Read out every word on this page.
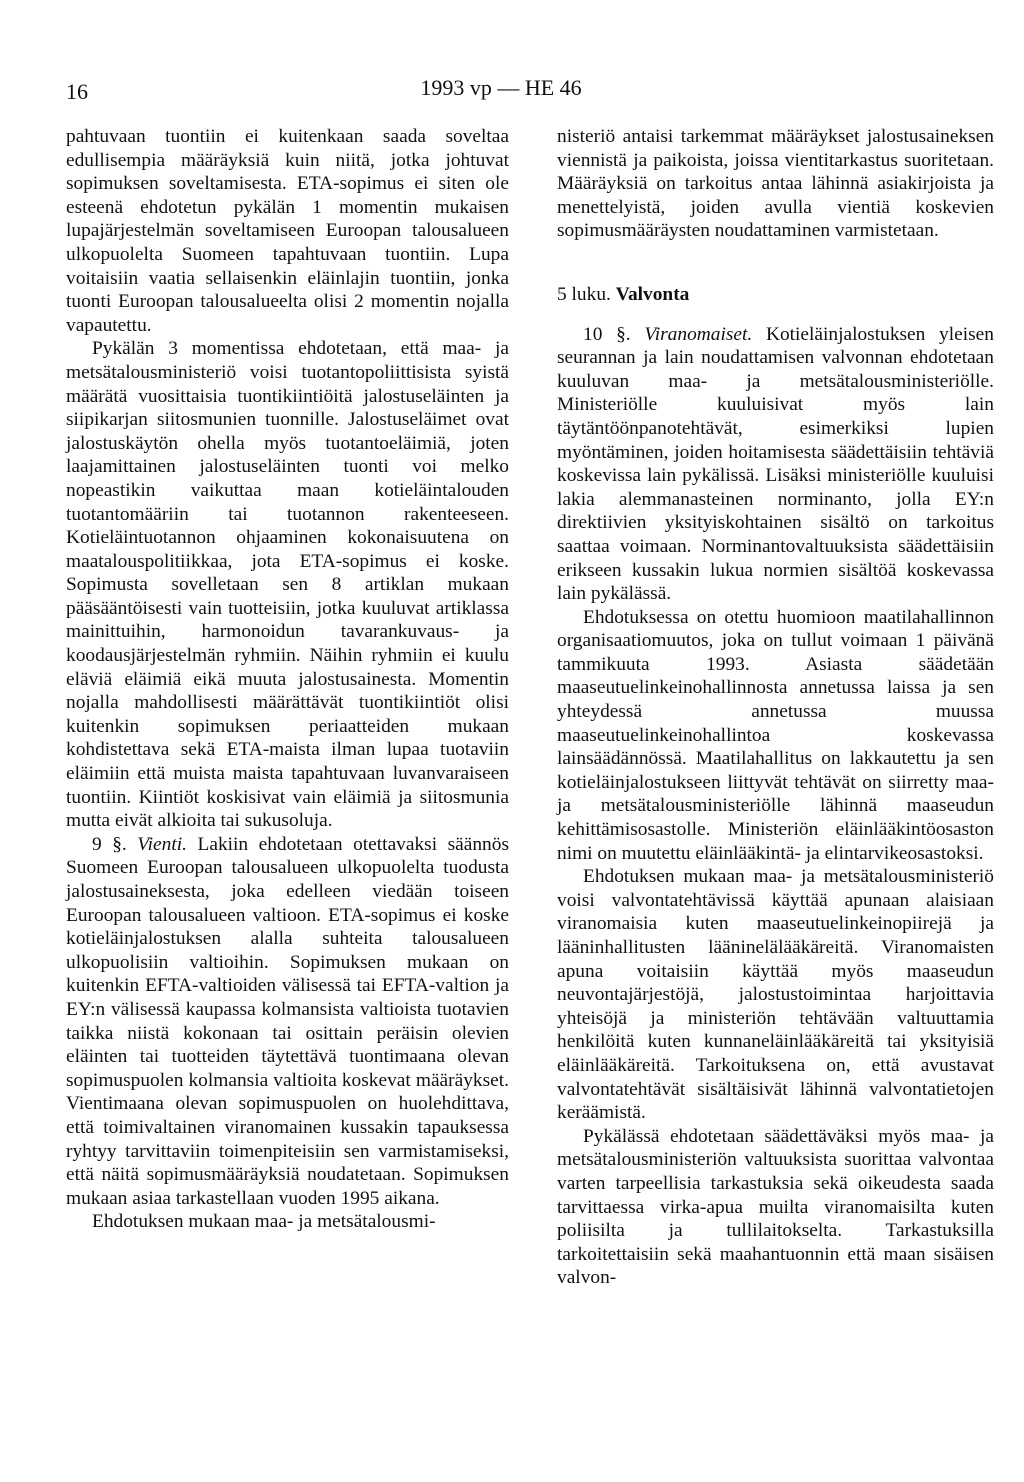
16	1993 vp — HE 46

pahtuvaan tuontiin ei kuitenkaan saada soveltaa edullisempia määräyksiä kuin niitä, jotka johtuvat sopimuksen soveltamisesta. ETA-sopimus ei siten ole esteenä ehdotetun pykälän 1 momentin mukaisen lupajärjestelmän soveltamiseen Euroopan talousalueen ulkopuolelta Suomeen tapahtuvaan tuontiin. Lupa voitaisiin vaatia sellaisenkin eläinlajin tuontiin, jonka tuonti Euroopan talousalueelta olisi 2 momentin nojalla vapautettu.

Pykälän 3 momentissa ehdotetaan, että maa- ja metsätalousministeriö voisi tuotantopoliittisista syistä määrätä vuosittaisia tuontikiintiöitä jalostuseläinten ja siipikarjan siitosmunien tuonnille. Jalostuseläimet ovat jalostuskäytön ohella myös tuotantoeläimiä, joten laajamittainen jalostuseläinten tuonti voi melko nopeastikin vaikuttaa maan kotieläintalouden tuotantomääriin tai tuotannon rakenteeseen. Kotieläintuotannon ohjaaminen kokonaisuutena on maatalouspolitiikkaa, jota ETA-sopimus ei koske. Sopimusta sovelletaan sen 8 artiklan mukaan pääsääntöisesti vain tuotteisiin, jotka kuuluvat artiklassa mainittuihin, harmonoidun tavarankuvaus- ja koodausjärjestelmän ryhmiin. Näihin ryhmiin ei kuulu eläviä eläimiä eikä muuta jalostusainesta. Momentin nojalla mahdollisesti määrättävät tuontikiintiöt olisi kuitenkin sopimuksen periaatteiden mukaan kohdistettava sekä ETA-maista ilman lupaa tuotaviin eläimiin että muista maista tapahtuvaan luvanvaraiseen tuontiin. Kiintiöt koskisivat vain eläimiä ja siitosmunia mutta eivät alkioita tai sukusoluja.

9 §. Vienti. Lakiin ehdotetaan otettavaksi säännös Suomeen Euroopan talousalueen ulkopuolelta tuodusta jalostusaineksesta, joka edelleen viedään toiseen Euroopan talousalueen valtioon. ETA-sopimus ei koske kotieläinjalostuksen alalla suhteita talousalueen ulkopuolisiin valtioihin. Sopimuksen mukaan on kuitenkin EFTA-valtioiden välisessä tai EFTA-valtion ja EY:n välisessä kaupassa kolmansista valtioista tuotavien taikka niistä kokonaan tai osittain peräisin olevien eläinten tai tuotteiden täytettävä tuontimaana olevan sopimuspuolen kolmansia valtioita koskevat määräykset. Vientimaana olevan sopimuspuolen on huolehdittava, että toimivaltainen viranomainen kussakin tapauksessa ryhtyy tarvittaviin toimenpiteisiin sen varmistamiseksi, että näitä sopimusmääräyksiä noudatetaan. Sopimuksen mukaan asiaa tarkastellaan vuoden 1995 aikana.

Ehdotuksen mukaan maa- ja metsätalousmi-

nisteriö antaisi tarkemmat määräykset jalostusaineksen viennistä ja paikoista, joissa vientitarkastus suoritetaan. Määräyksiä on tarkoitus antaa lähinnä asiakirjoista ja menettelyistä, joiden avulla vientiä koskevien sopimusmääräysten noudattaminen varmistetaan.

5 luku. Valvonta

10 §. Viranomaiset. Kotieläinjalostuksen yleisen seurannan ja lain noudattamisen valvonnan ehdotetaan kuuluvan maa- ja metsätalousministeriölle. Ministeriölle kuuluisivat myös lain täytäntöönpanotehtävät, esimerkiksi lupien myöntäminen, joiden hoitamisesta säädettäisiin tehtäviä koskevissa lain pykälissä. Lisäksi ministeriölle kuuluisi lakia alemmanasteinen norminanto, jolla EY:n direktiivien yksityiskohtainen sisältö on tarkoitus saattaa voimaan. Norminantovaltuuksista säädettäisiin erikseen kussakin lukua normien sisältöä koskevassa lain pykälässä.

Ehdotuksessa on otettu huomioon maatilahallinnon organisaatiomuutos, joka on tullut voimaan 1 päivänä tammikuuta 1993. Asiasta säädetään maaseutuelinkeinohallinnosta annetussa laissa ja sen yhteydessä annetussa muussa maaseutuelinkeinohallintoa koskevassa lainsäädännössä. Maatilahallitus on lakkautettu ja sen kotieläinjalostukseen liittyvät tehtävät on siirretty maa- ja metsätalousministeriölle lähinnä maaseudun kehittämisosastolle. Ministeriön eläinlääkintöosaston nimi on muutettu eläinlääkintä- ja elintarvikeosastoksi.

Ehdotuksen mukaan maa- ja metsätalousministeriö voisi valvontatehtävissä käyttää apunaan alaisiaan viranomaisia kuten maaseutuelinkeinopiirejä ja lääninhallitusten lääninelälääkäreitä. Viranomaisten apuna voitaisiin käyttää myös maaseudun neuvontajärjestöjä, jalostustoimintaa harjoittavia yhteisöjä ja ministeriön tehtävään valtuuttamia henkilöitä kuten kunnaneläinlääkäreitä tai yksityisiä eläinlääkäreitä. Tarkoituksena on, että avustavat valvontatehtävät sisältäisivät lähinnä valvontatietojen keräämistä.

Pykälässä ehdotetaan säädettäväksi myös maa- ja metsätalousministeriön valtuuksista suorittaa valvontaa varten tarpeellisia tarkastuksia sekä oikeudesta saada tarvittaessa virka-apua muilta viranomaisilta kuten poliisilta ja tullilaitokselta. Tarkastuksilla tarkoitettaisiin sekä maahantuonnin että maan sisäisen valvon-
